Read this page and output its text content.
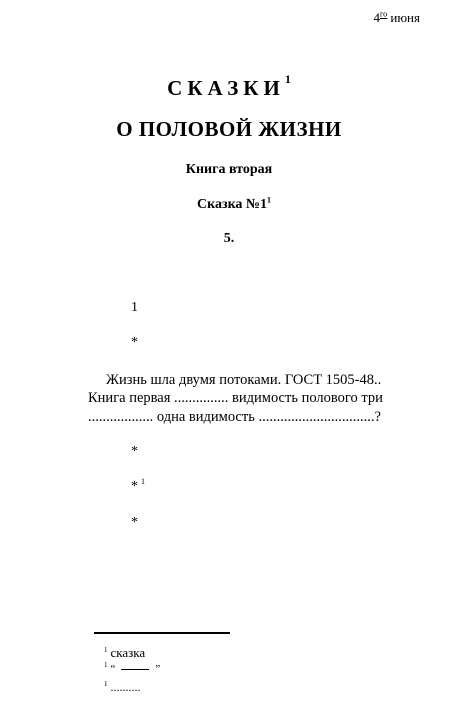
$4^{го}$ июня
СКАЗКИ$^1$
О ПОЛОВОЙ ЖИЗНИ
Книга вторая
Сказка $№1^1$
5.
1
*
Жизнь шла двумя потоками. ГОСТ 1505-48..
Книга первая ............... видимость полового три
.................. одна видимость ................................?
*
* $^1$
*
$^1$ сказка
$^1$ “	”
$^1$ ..........
